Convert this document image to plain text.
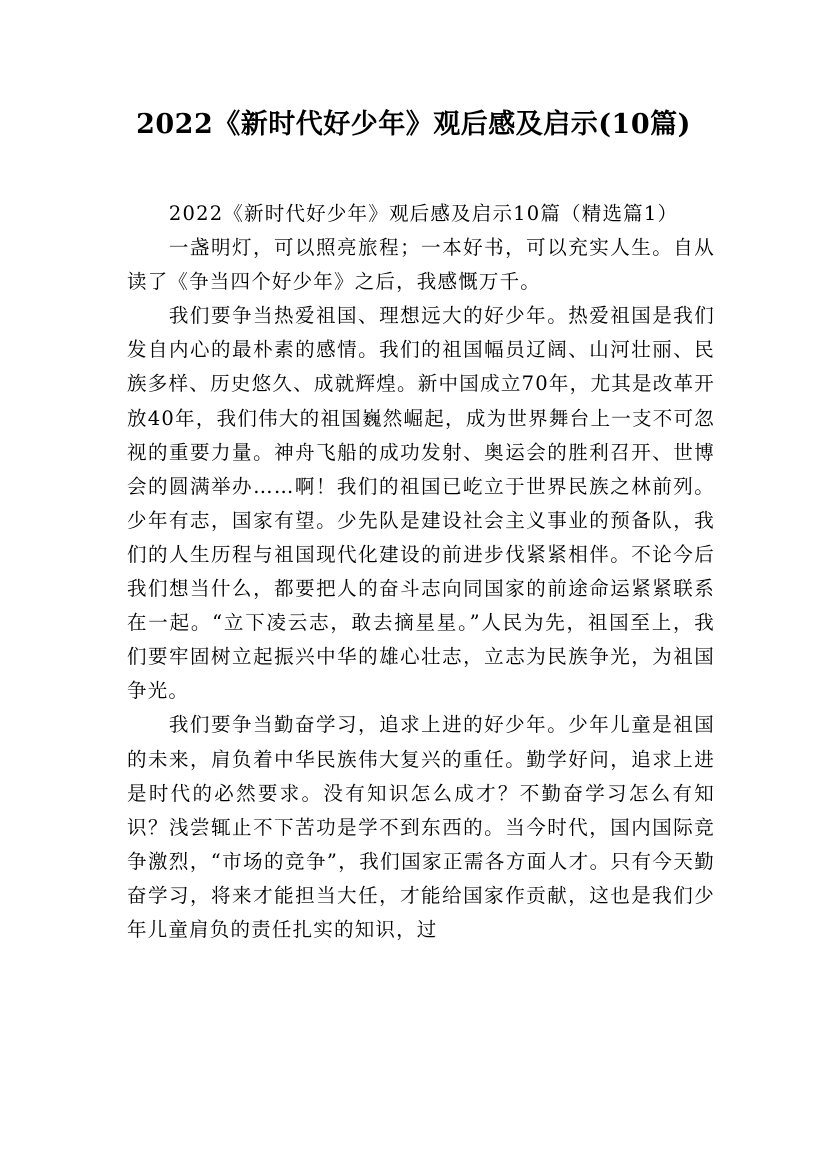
2022《新时代好少年》观后感及启示(10篇)

2022《新时代好少年》观后感及启示10篇（精选篇1）

一盏明灯，可以照亮旅程；一本好书，可以充实人生。自从读了《争当四个好少年》之后，我感慨万千。

我们要争当热爱祖国、理想远大的好少年。热爱祖国是我们发自内心的最朴素的感情。我们的祖国幅员辽阔、山河壮丽、民族多样、历史悠久、成就辉煌。新中国成立70年，尤其是改革开放40年，我们伟大的祖国巍然崛起，成为世界舞台上一支不可忽视的重要力量。神舟飞船的成功发射、奥运会的胜利召开、世博会的圆满举办……啊！我们的祖国已屹立于世界民族之林前列。少年有志，国家有望。少先队是建设社会主义事业的预备队，我们的人生历程与祖国现代化建设的前进步伐紧紧相伴。不论今后我们想当什么，都要把人的奋斗志向同国家的前途命运紧紧联系在一起。“立下凌云志，敢去摘星星。”人民为先，祖国至上，我们要牢固树立起振兴中华的雄心壮志，立志为民族争光，为祖国争光。

我们要争当勤奋学习，追求上进的好少年。少年儿童是祖国的未来，肩负着中华民族伟大复兴的重任。勤学好问，追求上进是时代的必然要求。没有知识怎么成才？不勤奋学习怎么有知识？浅尝辄止不下苦功是学不到东西的。当今时代，国内国际竞争激烈，“市场的竞争”，我们国家正需各方面人才。只有今天勤奋学习，将来才能担当大任，才能给国家作贡献，这也是我们少年儿童肩负的责任扎实的知识，过
